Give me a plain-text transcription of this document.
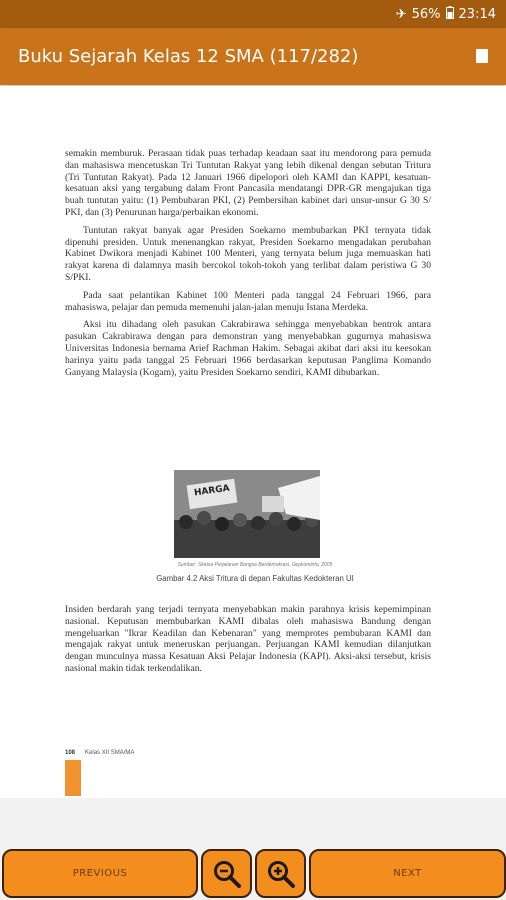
✈ 56% 23:14
Buku Sejarah Kelas 12 SMA (117/282)

semakin memburuk. Perasaan tidak puas terhadap keadaan saat itu mendorong para pemuda dan mahasiswa mencetuskan Tri Tuntutan Rakyat yang lebih dikenal dengan sebutan Tritura (Tri Tuntutan Rakyat). Pada 12 Januari 1966 dipelopori oleh KAMI dan KAPPI, kesatuan-kesatuan aksi yang tergabung dalam Front Pancasila mendatangi DPR-GR mengajukan tiga buah tuntutan yaitu: (1) Pembubaran PKI, (2) Pembersihan kabinet dari unsur-unsur G 30 S/ PKI, dan (3) Penurunan harga/perbaikan ekonomi.

Tuntutan rakyat banyak agar Presiden Soekarno membubarkan PKI ternyata tidak dipenuhi presiden. Untuk menenangkan rakyat, Presiden Soekarno mengadakan perubahan Kabinet Dwikora menjadi Kabinet 100 Menteri, yang ternyata belum juga memuaskan hati rakyat karena di dalamnya masih bercokol tokoh-tokoh yang terlibat dalam peristiwa G 30 S/PKI.

Pada saat pelantikan Kabinet 100 Menteri pada tanggal 24 Februari 1966, para mahasiswa, pelajar dan pemuda memenuhi jalan-jalan menuju Istana Merdeka.

Aksi itu dihadang oleh pasukan Cakrabirawa sehingga menyebabkan bentrok antara pasukan Cakrabirawa dengan para demonstran yang menyebabkan gugurnya mahasiswa Universitas Indonesia bernama Arief Rachman Hakim. Sebagai akibat dari aksi itu keesokan harinya yaitu pada tanggal 25 Februari 1966 berdasarkan keputusan Panglima Komando Ganyang Malaysia (Kogam), yaitu Presiden Soekarno sendiri, KAMI dibubarkan.

HARGA
Sumber: Sketsa Perjalanan Bangsa Berdemokrasi, Depkominfo, 2005
Gambar 4.2 Aksi Tritura di depan Fakultas Kedokteran UI

Insiden berdarah yang terjadi ternyata menyebabkan makin parahnya krisis kepemimpinan nasional. Keputusan membubarkan KAMI dibalas oleh mahasiswa Bandung dengan mengeluarkan "Ikrar Keadilan dan Kebenaran" yang memprotes pembubaran KAMI dan mengajak rakyat untuk meneruskan perjuangan. Perjuangan KAMI kemudian dilanjutkan dengan munculnya massa Kesatuan Aksi Pelajar Indonesia (KAPI). Aksi-aksi tersebut, krisis nasional makin tidak terkendalikan.

108 Kelas XII SMA/MA
PREVIOUS	NEXT
